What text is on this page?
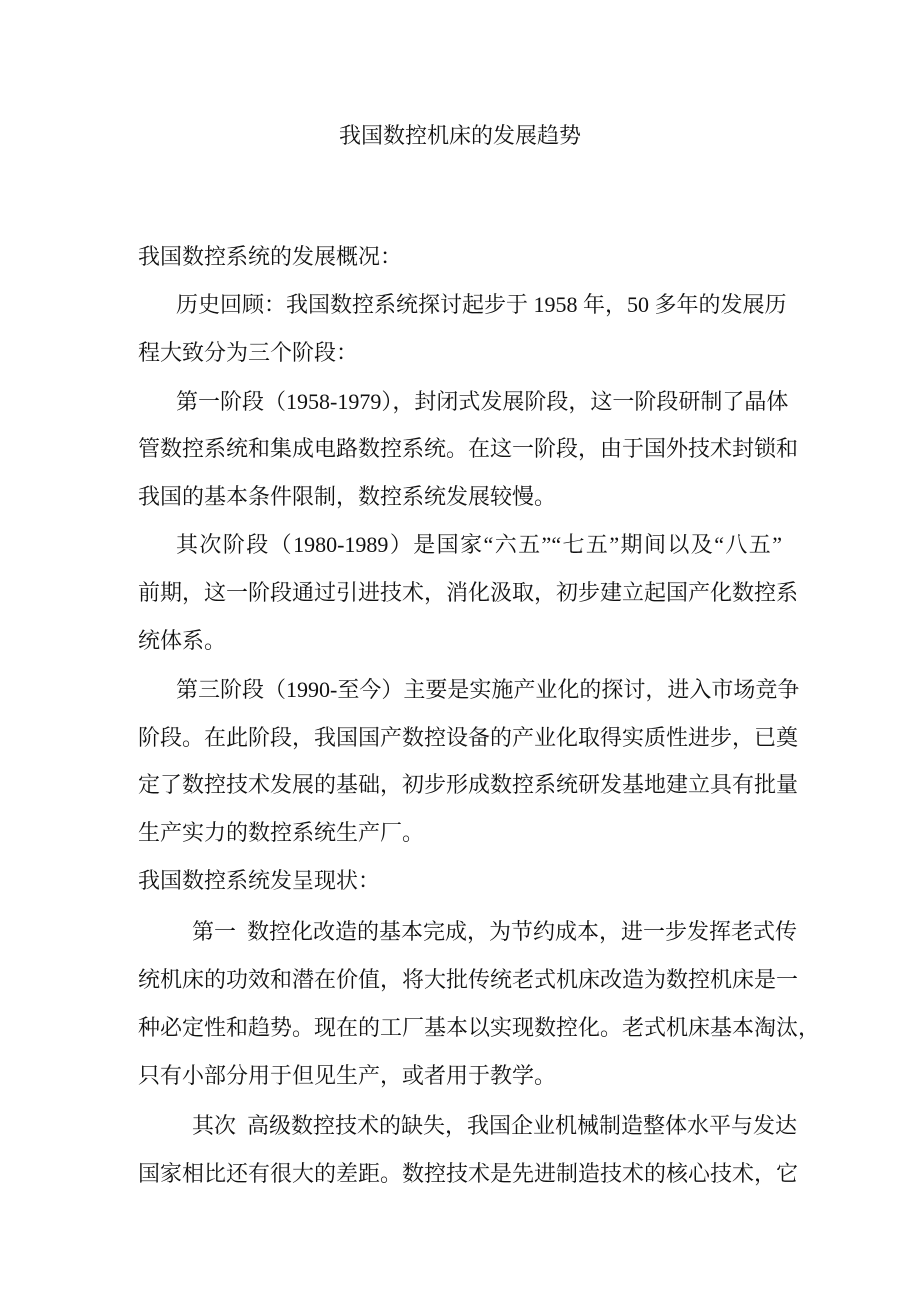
我国数控机床的发展趋势
我国数控系统的发展概况：
历史回顾：我国数控系统探讨起步于 1958 年，50 多年的发展历
程大致分为三个阶段：
第一阶段（1958-1979），封闭式发展阶段，这一阶段研制了晶体
管数控系统和集成电路数控系统。在这一阶段，由于国外技术封锁和
我国的基本条件限制，数控系统发展较慢。
其次阶段（1980-1989）是国家“六五”“七五”期间以及“八五”
前期，这一阶段通过引进技术，消化汲取，初步建立起国产化数控系
统体系。
第三阶段（1990-至今）主要是实施产业化的探讨，进入市场竞争
阶段。在此阶段，我国国产数控设备的产业化取得实质性进步，已奠
定了数控技术发展的基础，初步形成数控系统研发基地建立具有批量
生产实力的数控系统生产厂。
我国数控系统发呈现状：
第一  数控化改造的基本完成，为节约成本，进一步发挥老式传
统机床的功效和潜在价值，将大批传统老式机床改造为数控机床是一
种必定性和趋势。现在的工厂基本以实现数控化。老式机床基本淘汰，
只有小部分用于但见生产，或者用于教学。
其次  高级数控技术的缺失，我国企业机械制造整体水平与发达
国家相比还有很大的差距。数控技术是先进制造技术的核心技术，它
